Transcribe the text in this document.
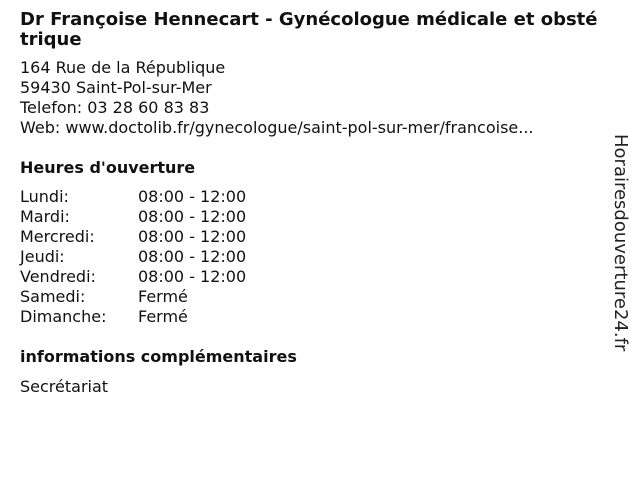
Dr Françoise Hennecart - Gynécologue médicale et obstétrique
164 Rue de la République
59430 Saint-Pol-sur-Mer
Telefon: 03 28 60 83 83
Web: www.doctolib.fr/gynecologue/saint-pol-sur-mer/francoise...
Heures d'ouverture
Lundi:	08:00 - 12:00
Mardi:	08:00 - 12:00
Mercredi:	08:00 - 12:00
Jeudi:	08:00 - 12:00
Vendredi:	08:00 - 12:00
Samedi:	Fermé
Dimanche:	Fermé
informations complémentaires
Secrétariat
Horairesdouverture24.fr
